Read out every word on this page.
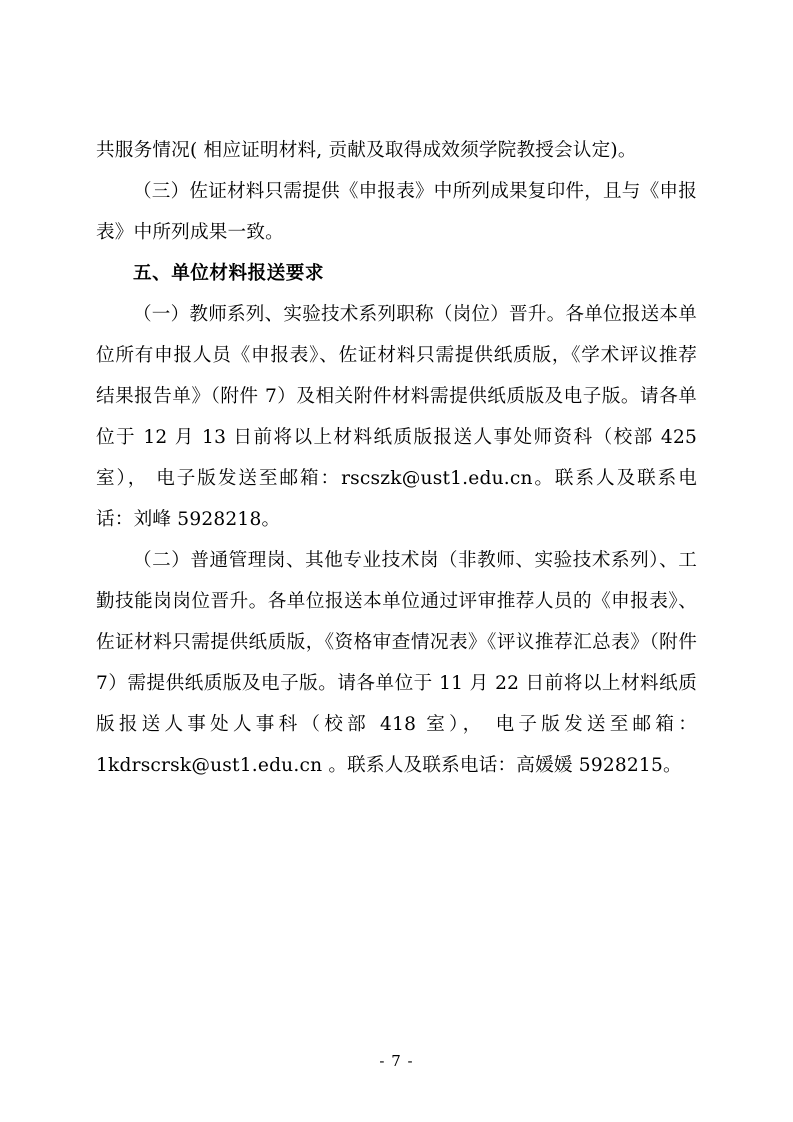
共服务情况( 相应证明材料, 贡献及取得成效须学院教授会认定)。

（三）佐证材料只需提供《申报表》中所列成果复印件，且与《申报表》中所列成果一致。

五、单位材料报送要求

（一）教师系列、实验技术系列职称（岗位）晋升。各单位报送本单位所有申报人员《申报表》、佐证材料只需提供纸质版，《学术评议推荐结果报告单》（附件 7）及相关附件材料需提供纸质版及电子版。请各单位于 12 月 13 日前将以上材料纸质版报送人事处师资科（校部 425 室）， 电子版发送至邮箱：rscszk@ust1.edu.cn。联系人及联系电话：刘峰 5928218。

（二）普通管理岗、其他专业技术岗（非教师、实验技术系列）、工勤技能岗岗位晋升。各单位报送本单位通过评审推荐人员的《申报表》、佐证材料只需提供纸质版，《资格审查情况表》《评议推荐汇总表》（附件 7）需提供纸质版及电子版。请各单位于 11 月 22 日前将以上材料纸质版报送人事处人事科（校部 418 室）， 电子版发送至邮箱：1kdrscrsk@ust1.edu.cn 。联系人及联系电话：高媛媛 5928215。

- 7 -
